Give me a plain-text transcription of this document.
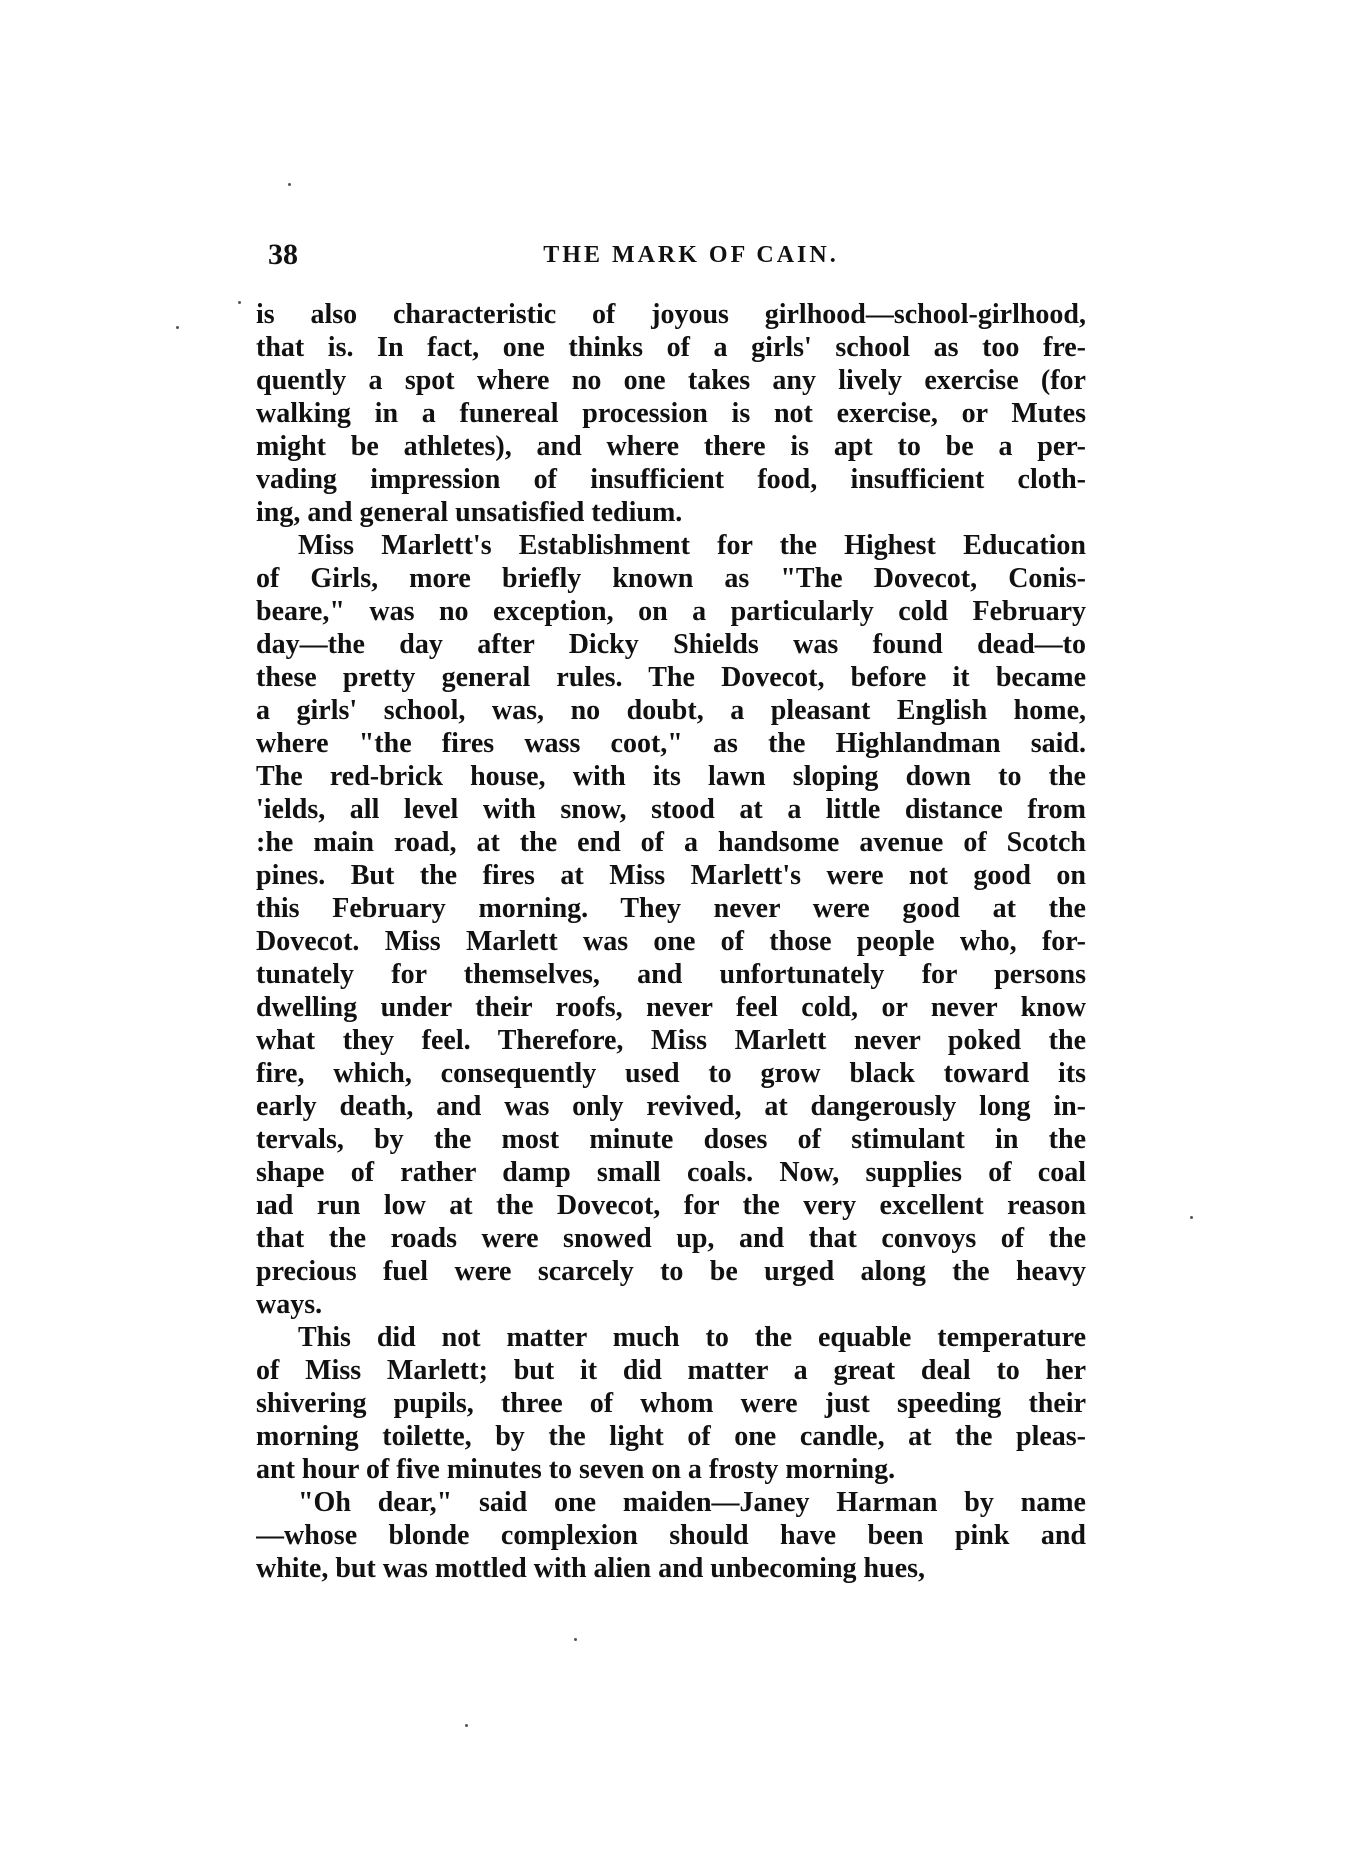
38	THE MARK OF CAIN.

is also characteristic of joyous girlhood—school-girlhood,
that is. In fact, one thinks of a girls' school as too fre-
quently a spot where no one takes any lively exercise (for
walking in a funereal procession is not exercise, or Mutes
might be athletes), and where there is apt to be a per-
vading impression of insufficient food, insufficient cloth-
ing, and general unsatisfied tedium.

Miss Marlett's Establishment for the Highest Education
of Girls, more briefly known as "The Dovecot, Conis-
beare," was no exception, on a particularly cold February
day—the day after Dicky Shields was found dead—to
these pretty general rules. The Dovecot, before it became
a girls' school, was, no doubt, a pleasant English home,
where "the fires wass coot," as the Highlandman said.
The red-brick house, with its lawn sloping down to the
'ields, all level with snow, stood at a little distance from
:he main road, at the end of a handsome avenue of Scotch
pines. But the fires at Miss Marlett's were not good on
this February morning. They never were good at the
Dovecot. Miss Marlett was one of those people who, for-
tunately for themselves, and unfortunately for persons
dwelling under their roofs, never feel cold, or never know
what they feel. Therefore, Miss Marlett never poked the
fire, which, consequently used to grow black toward its
early death, and was only revived, at dangerously long in-
tervals, by the most minute doses of stimulant in the
shape of rather damp small coals. Now, supplies of coal
ıad run low at the Dovecot, for the very excellent reason
that the roads were snowed up, and that convoys of the
precious fuel were scarcely to be urged along the heavy
ways.

This did not matter much to the equable temperature
of Miss Marlett; but it did matter a great deal to her
shivering pupils, three of whom were just speeding their
morning toilette, by the light of one candle, at the pleas-
ant hour of five minutes to seven on a frosty morning.

"Oh dear," said one maiden—Janey Harman by name
—whose blonde complexion should have been pink and
white, but was mottled with alien and unbecoming hues,
